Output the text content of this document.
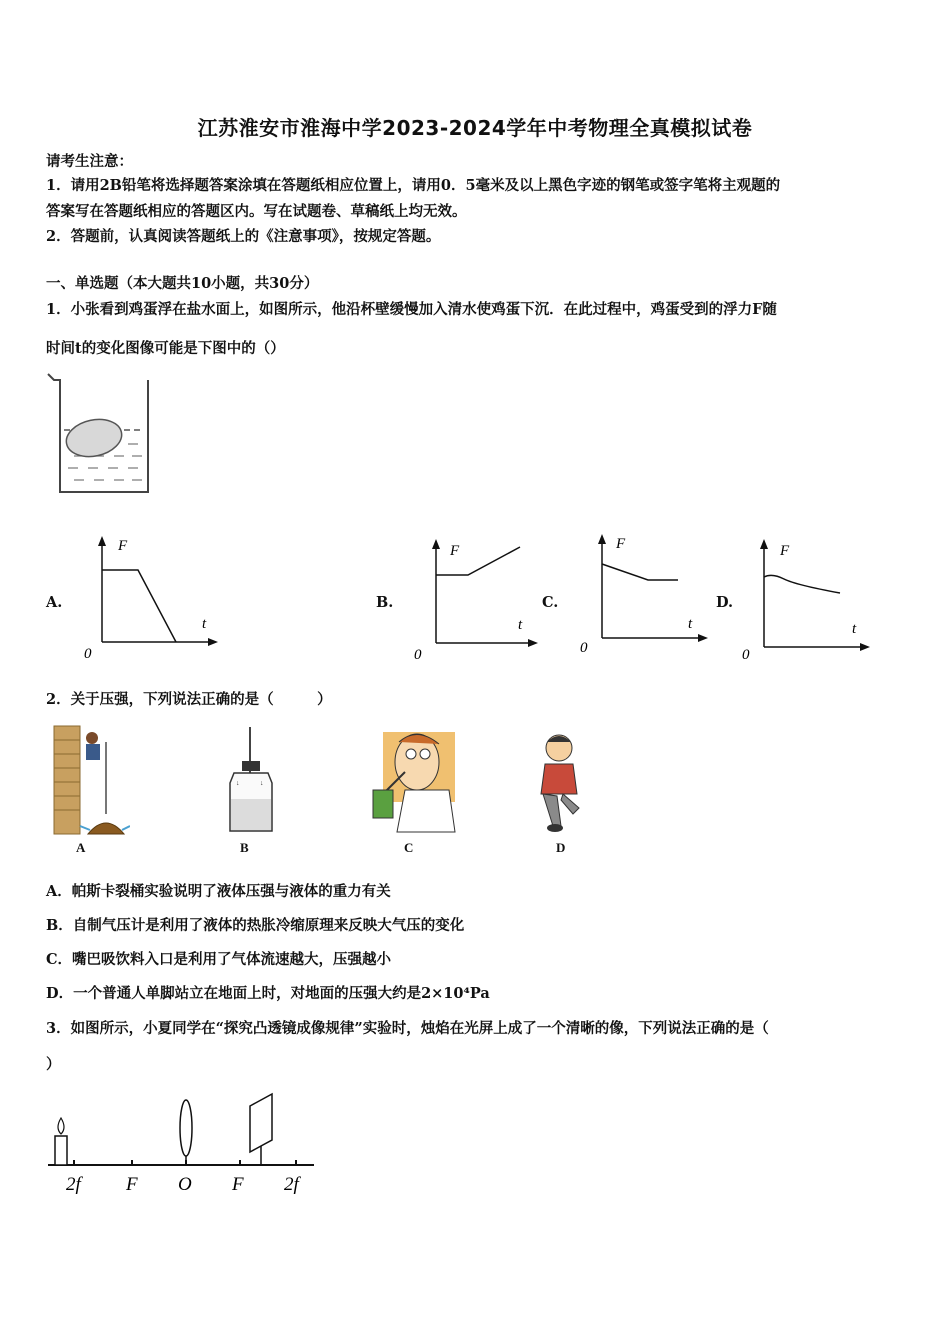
江苏淮安市淮海中学2023-2024学年中考物理全真模拟试卷
请考生注意：
1．请用2B铅笔将选择题答案涂填在答题纸相应位置上，请用0．5毫米及以上黑色字迹的钢笔或签字笔将主观题的
答案写在答题纸相应的答题区内。写在试题卷、草稿纸上均无效。
2．答题前，认真阅读答题纸上的《注意事项》，按规定答题。
一、单选题（本大题共10小题，共30分）
1．小张看到鸡蛋浮在盐水面上，如图所示，他沿杯壁缓慢加入清水使鸡蛋下沉．在此过程中，鸡蛋受到的浮力F随
时间t的变化图像可能是下图中的（）
A.	B.	C.	D.
F
t
0
F
t
0
F
t
0
F
t
0
2．关于压强，下列说法正确的是（　　　）
↓	↓
A	B	C	D
A．帕斯卡裂桶实验说明了液体压强与液体的重力有关
B．自制气压计是利用了液体的热胀冷缩原理来反映大气压的变化
C．嘴巴吸饮料入口是利用了气体流速越大，压强越小
D．一个普通人单脚站立在地面上时，对地面的压强大约是2×10⁴Pa
3．如图所示，小夏同学在“探究凸透镜成像规律”实验时，烛焰在光屏上成了一个清晰的像，下列说法正确的是（
）
2f F O F 2f
